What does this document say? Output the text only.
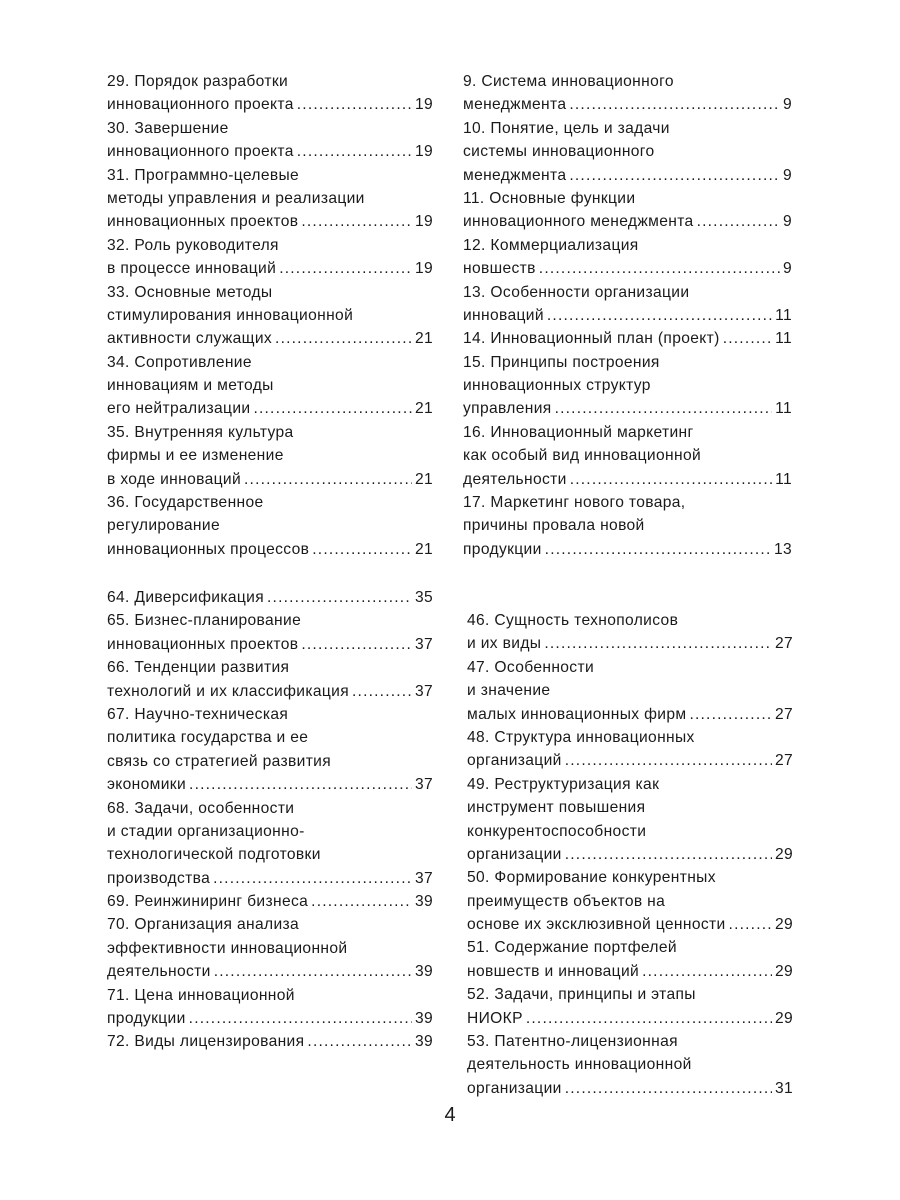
29. Порядок разработки
инновационного проекта .....	19
30. Завершение
инновационного проекта .....	19
31. Программно-целевые
методы управления и реализации
инновационных проектов .....	19
32. Роль руководителя
в процессе инноваций .....	19
33. Основные методы
стимулирования инновационной
активности служащих .....	21
34. Сопротивление
инновациям и методы
его нейтрализации .....	21
35. Внутренняя культура
фирмы и ее изменение
в ходе инноваций .....	21
36. Государственное
регулирование
инновационных процессов .....	21
9. Система инновационного
менеджмента .....	9
10. Понятие, цель и задачи
системы инновационного
менеджмента .....	9
11. Основные функции
инновационного менеджмента .....	9
12. Коммерциализация
новшеств .....	9
13. Особенности организации
инноваций .....	11
14. Инновационный план (проект) .....	11
15. Принципы построения
инновационных структур
управления .....	11
16. Инновационный маркетинг
как особый вид инновационной
деятельности .....	11
17. Маркетинг нового товара,
причины провала новой
продукции .....	13
64. Диверсификация .....	35
65. Бизнес-планирование
инновационных проектов .....	37
66. Тенденции развития
технологий и их классификация .....	37
67. Научно-техническая
политика государства и ее
связь со стратегией развития
экономики .....	37
68. Задачи, особенности
и стадии организационно-
технологической подготовки
производства .....	37
69. Реинжиниринг бизнеса .....	39
70. Организация анализа
эффективности инновационной
деятельности .....	39
71. Цена инновационной
продукции .....	39
72. Виды лицензирования .....	39
46. Сущность технополисов
и их виды .....	27
47. Особенности
и значение
малых инновационных фирм .....	27
48. Структура инновационных
организаций .....	27
49. Реструктуризация как
инструмент повышения
конкурентоспособности
организации .....	29
50. Формирование конкурентных
преимуществ объектов на
основе их эксклюзивной ценности .....	29
51. Содержание портфелей
новшеств и инноваций .....	29
52. Задачи, принципы и этапы
НИОКР .....	29
53. Патентно-лицензионная
деятельность инновационной
организации .....	31
4
